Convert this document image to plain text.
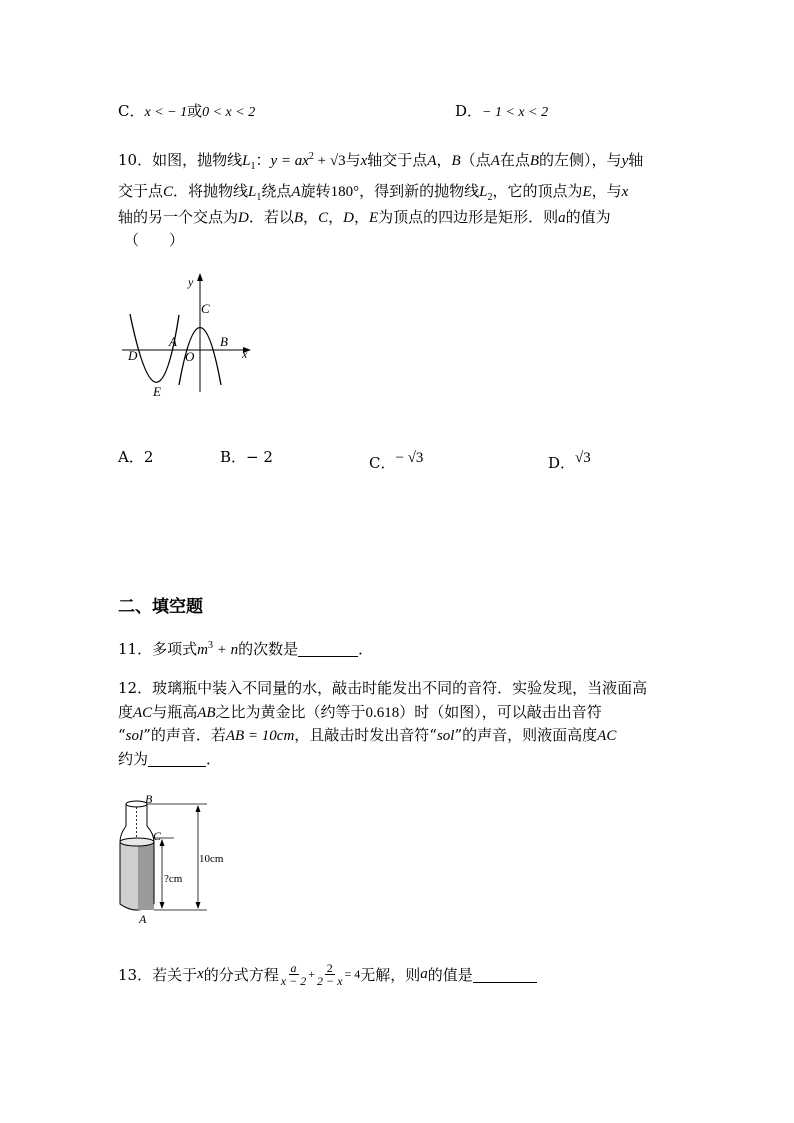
C．x < − 1或0 < x < 2	D．− 1 < x < 2
10．如图，抛物线$L_1$：$y = ax^2 + √3$与x轴交于点A，B（点A在点B的左侧），与y轴
交于点C．将抛物线$L_1$绕点A旋转180°，得到新的抛物线$L_2$，它的顶点为E，与x
轴的另一个交点为D．若以B，C，D，E为顶点的四边形是矩形．则a的值为
（　　）
y
x
C
A
O
B
D
E
A．2	B．− 2	C．− √3	D．√3
二、填空题
11．多项式$m^3 + n$的次数是	．
12．玻璃瓶中装入不同量的水，敲击时能发出不同的音符．实验发现，当液面高
度AC与瓶高AB之比为黄金比（约等于0.618）时（如图），可以敲击出音符
“sol”的声音．若AB = 10cm，且敲击时发出音符“sol”的声音，则液面高度AC
约为	．
B
C
A
?cm
10cm
13． 若关于 x 的分式方程 $\frac{a}{x - 2} + \frac{2}{2 - x} = 4$ 无解，则 a 的值是
